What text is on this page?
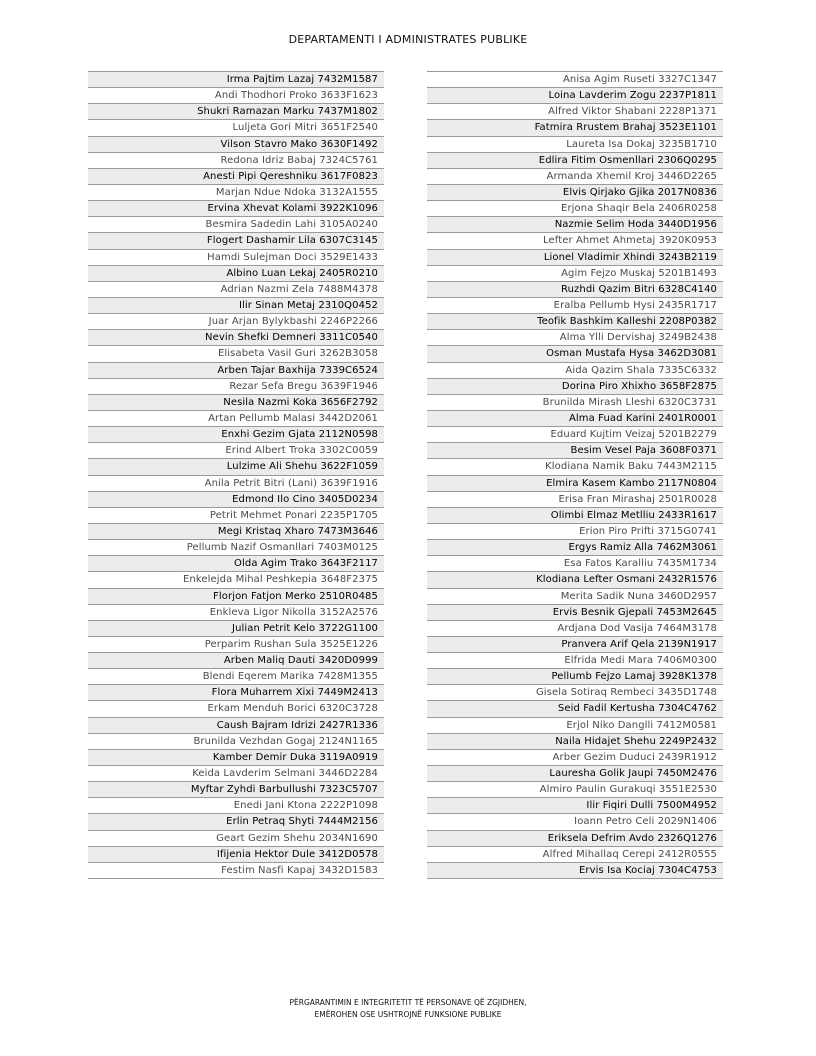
DEPARTAMENTI I ADMINISTRATES PUBLIKE
Irma Pajtim Lazaj 7432M1587
Andi Thodhori Proko 3633F1623
Shukri Ramazan Marku 7437M1802
Luljeta Gori Mitri 3651F2540
Vilson Stavro Mako 3630F1492
Redona Idriz Babaj 7324C5761
Anesti Pipi Qereshniku 3617F0823
Marjan Ndue Ndoka 3132A1555
Ervina Xhevat Kolami 3922K1096
Besmira Sadedin Lahi 3105A0240
Flogert Dashamir Lila 6307C3145
Hamdi Sulejman Doci 3529E1433
Albino Luan Lekaj 2405R0210
Adrian Nazmi Zela 7488M4378
Ilir Sinan Metaj 2310Q0452
Juar Arjan Bylykbashi 2246P2266
Nevin Shefki Demneri 3311C0540
Elisabeta Vasil Guri 3262B3058
Arben Tajar Baxhija 7339C6524
Rezar Sefa Bregu 3639F1946
Nesila Nazmi Koka 3656F2792
Artan Pellumb Malasi 3442D2061
Enxhi Gezim Gjata 2112N0598
Erind Albert Troka 3302C0059
Lulzime Ali Shehu 3622F1059
Anila Petrit Bitri (Lani) 3639F1916
Edmond Ilo Cino 3405D0234
Petrit Mehmet Ponari 2235P1705
Megi Kristaq Xharo 7473M3646
Pellumb Nazif Osmanllari 7403M0125
Olda Agim Trako 3643F2117
Enkelejda Mihal Peshkepia 3648F2375
Florjon Fatjon Merko 2510R0485
Enkleva Ligor Nikolla 3152A2576
Julian Petrit Kelo 3722G1100
Perparim Rushan Sula 3525E1226
Arben Maliq Dauti 3420D0999
Blendi Eqerem Marika 7428M1355
Flora Muharrem Xixi 7449M2413
Erkam Menduh Borici 6320C3728
Caush Bajram Idrizi 2427R1336
Brunilda Vezhdan Gogaj 2124N1165
Kamber Demir Duka 3119A0919
Keida Lavderim Selmani 3446D2284
Myftar Zyhdi Barbullushi 7323C5707
Enedi Jani Ktona 2222P1098
Erlin Petraq Shyti 7444M2156
Geart Gezim Shehu 2034N1690
Ifijenia Hektor Dule 3412D0578
Festim Nasfi Kapaj 3432D1583
Anisa Agim Ruseti 3327C1347
Loina Lavderim Zogu 2237P1811
Alfred Viktor Shabani 2228P1371
Fatmira Rrustem Brahaj 3523E1101
Laureta Isa Dokaj 3235B1710
Edlira Fitim Osmenllari 2306Q0295
Armanda Xhemil Kroj 3446D2265
Elvis Qirjako Gjika 2017N0836
Erjona Shaqir Bela 2406R0258
Nazmie Selim Hoda 3440D1956
Lefter Ahmet Ahmetaj 3920K0953
Lionel Vladimir Xhindi 3243B2119
Agim Fejzo Muskaj 5201B1493
Ruzhdi Qazim Bitri 6328C4140
Eralba Pellumb Hysi 2435R1717
Teofik Bashkim Kalleshi 2208P0382
Alma Ylli Dervishaj 3249B2438
Osman Mustafa Hysa 3462D3081
Aida Qazim Shala 7335C6332
Dorina Piro Xhixho 3658F2875
Brunilda Mirash Lleshi 6320C3731
Alma Fuad Karini 2401R0001
Eduard Kujtim Veizaj 5201B2279
Besim Vesel Paja 3608F0371
Klodiana Namik Baku 7443M2115
Elmira Kasem Kambo 2117N0804
Erisa Fran Mirashaj 2501R0028
Olimbi Elmaz Metlliu 2433R1617
Erion Piro Prifti 3715G0741
Ergys Ramiz Alla 7462M3061
Esa Fatos Karalliu 7435M1734
Klodiana Lefter Osmani 2432R1576
Merita Sadik Nuna 3460D2957
Ervis Besnik Gjepali 7453M2645
Ardjana Dod Vasija 7464M3178
Pranvera Arif Qela 2139N1917
Elfrida Medi Mara 7406M0300
Pellumb Fejzo Lamaj 3928K1378
Gisela Sotiraq Rembeci 3435D1748
Seid Fadil Kertusha 7304C4762
Erjol Niko Danglli 7412M0581
Naila Hidajet Shehu 2249P2432
Arber Gezim Duduci 2439R1912
Lauresha Golik Jaupi 7450M2476
Almiro Paulin Gurakuqi 3551E2530
Ilir Fiqiri Dulli 7500M4952
Ioann Petro Celi 2029N1406
Eriksela Defrim Avdo 2326Q1276
Alfred Mihallaq Cerepi 2412R0555
Ervis Isa Kociaj 7304C4753
PËRGARANTIMIN E INTEGRITETIT TË PERSONAVE QË ZGJIDHEN,
EMËROHEN OSE USHTROJNË FUNKSIONE PUBLIKE
